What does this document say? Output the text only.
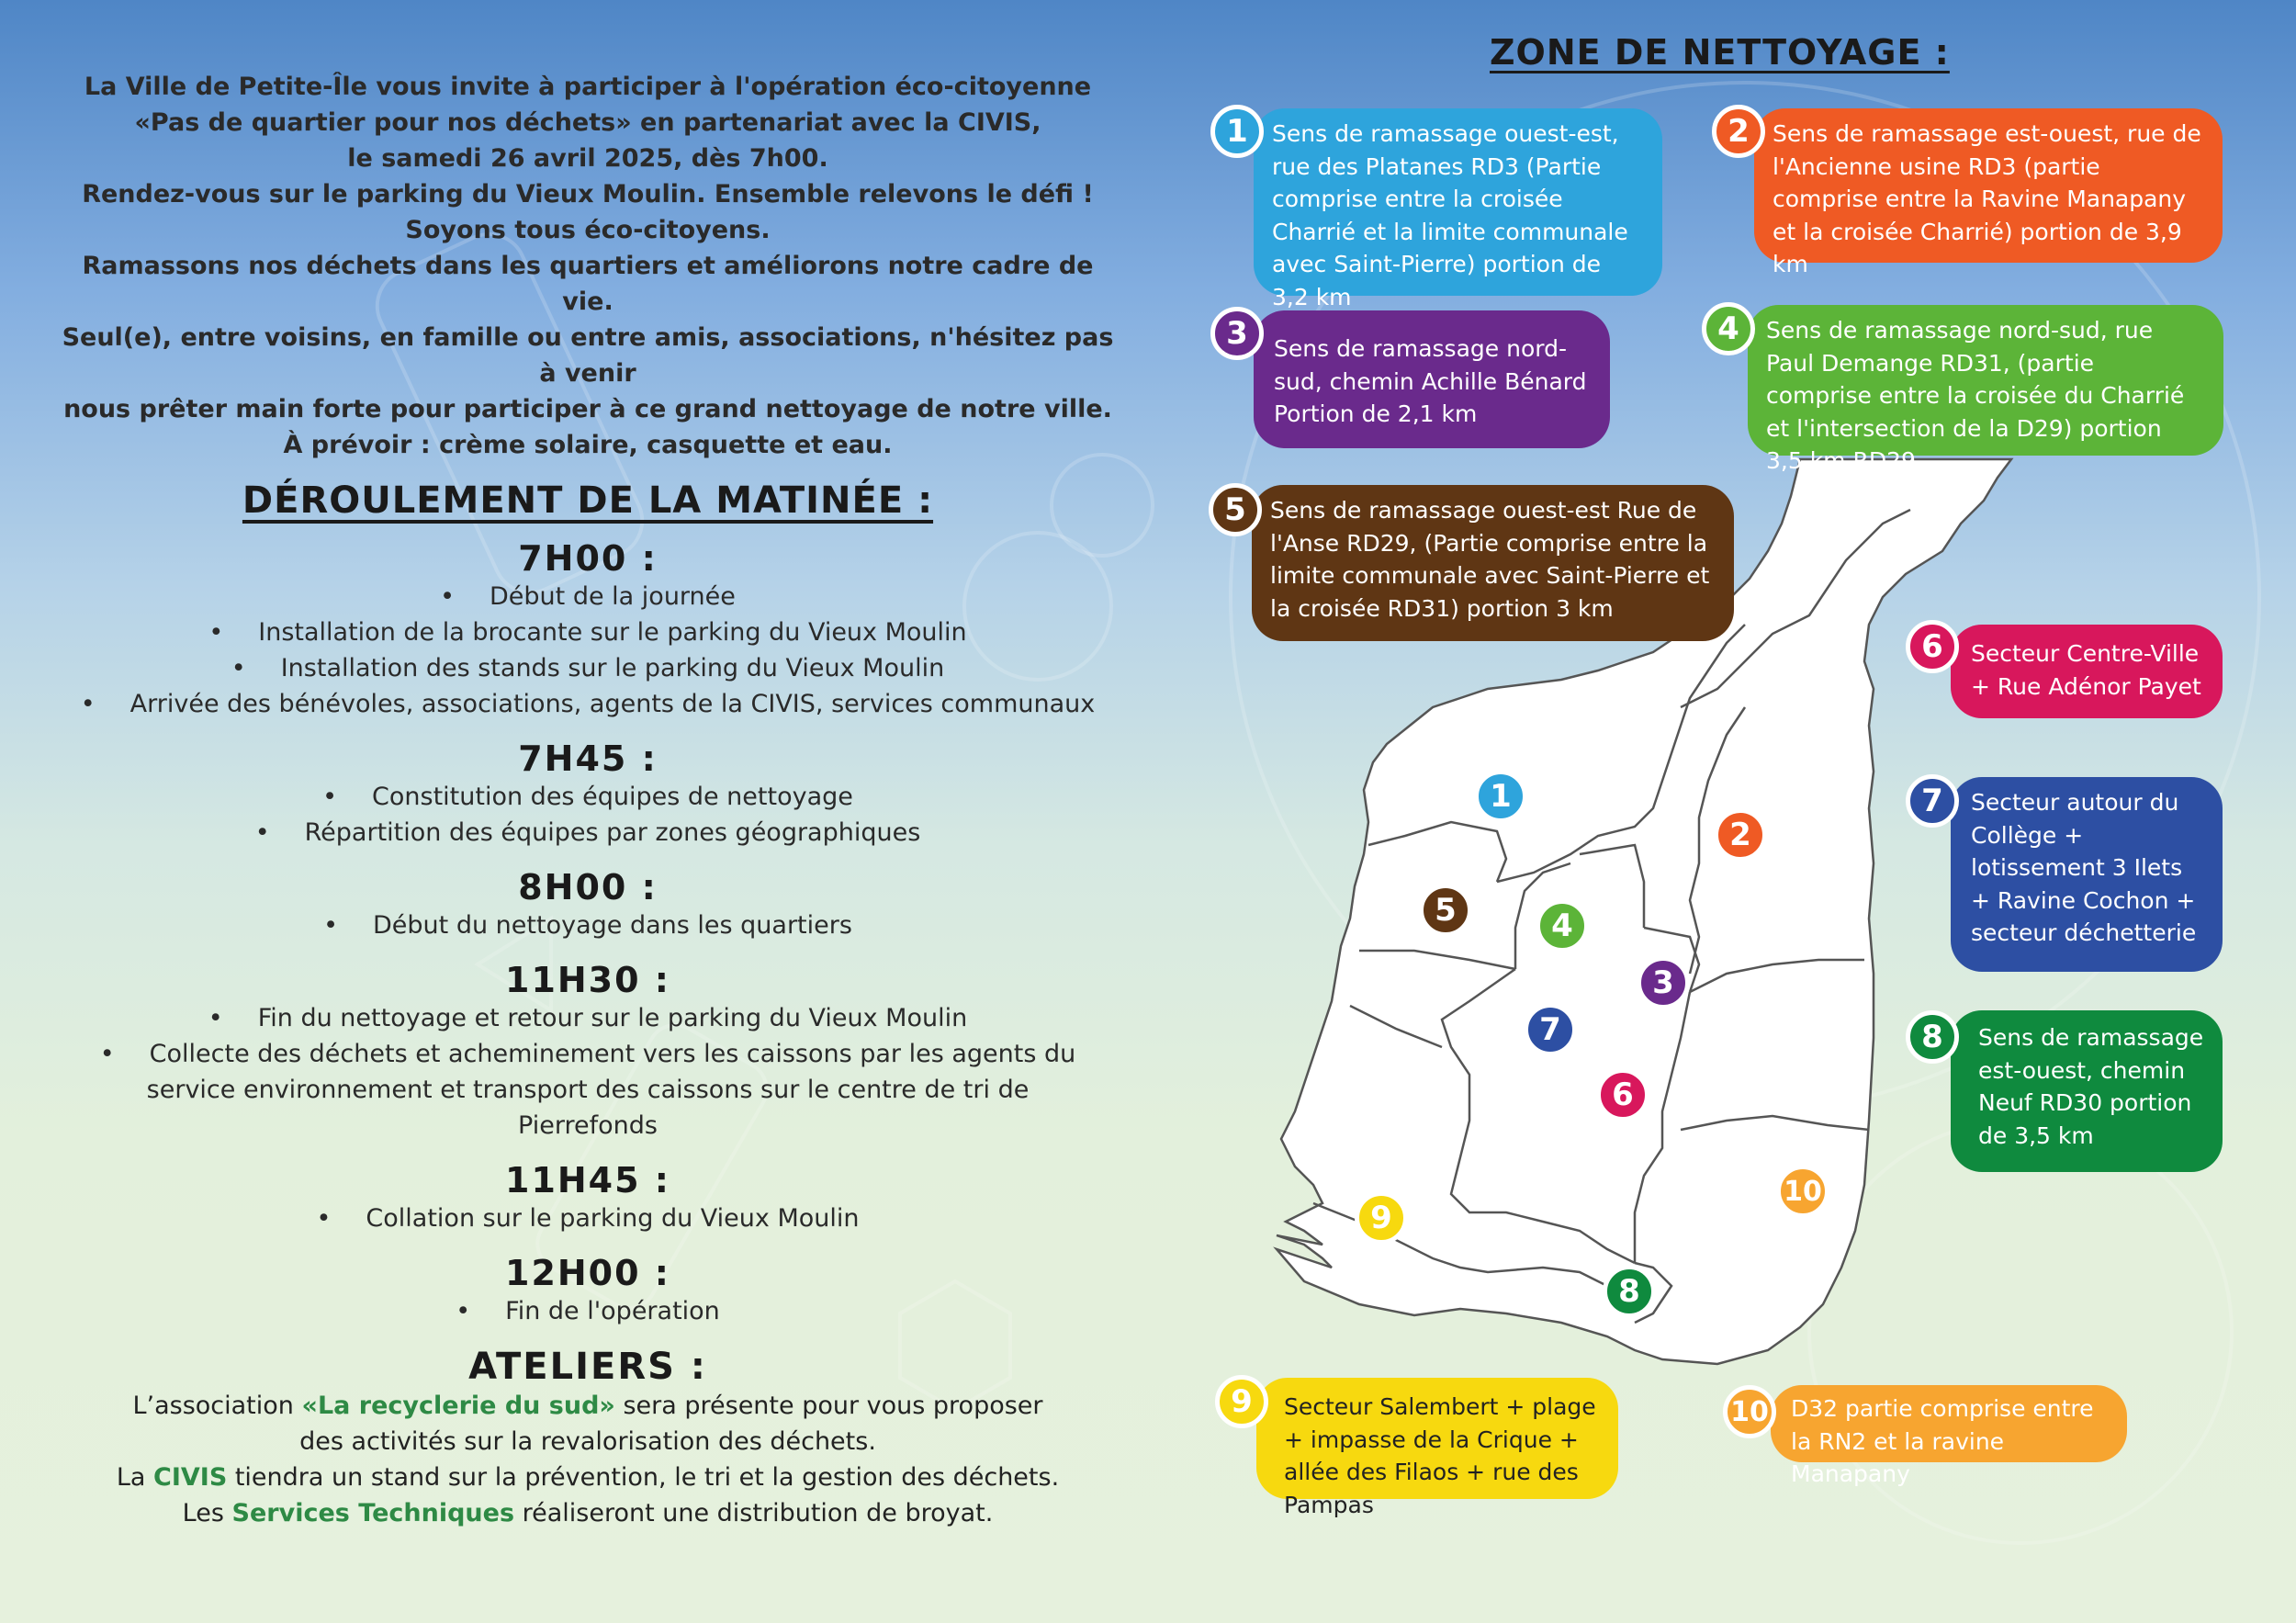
La Ville de Petite-Île vous invite à participer à l'opération éco-citoyenne

«Pas de quartier pour nos déchets» en partenariat avec la CIVIS,

le samedi 26 avril 2025, dès 7h00.

Rendez-vous sur le parking du Vieux Moulin. Ensemble relevons le défi !

Soyons tous éco-citoyens.

Ramassons nos déchets dans les quartiers et améliorons notre cadre de vie.

Seul(e), entre voisins, en famille ou entre amis, associations, n'hésitez pas à venir

nous prêter main forte pour participer à ce grand nettoyage de notre ville.

À prévoir : crème solaire, casquette et eau.

DÉROULEMENT DE LA MATINÉE :
7H00 :
• Début de la journée
• Installation de la brocante sur le parking du Vieux Moulin
• Installation des stands sur le parking du Vieux Moulin
• Arrivée des bénévoles, associations, agents de la CIVIS, services communaux
7H45 :
• Constitution des équipes de nettoyage
• Répartition des équipes par zones géographiques
8H00 :
• Début du nettoyage dans les quartiers
11H30 :
• Fin du nettoyage et retour sur le parking du Vieux Moulin
• Collecte des déchets et acheminement vers les caissons par les agents du service environnement et transport des caissons sur le centre de tri de Pierrefonds
11H45 :
• Collation sur le parking du Vieux Moulin
12H00 :
• Fin de l'opération
ATELIERS :

L’association «La recyclerie du sud» sera présente pour vous proposer

des activités sur la revalorisation des déchets.

La CIVIS tiendra un stand sur la prévention, le tri et la gestion des déchets.

Les Services Techniques réaliseront une distribution de broyat.

ZONE DE NETTOYAGE :
1
2
3
4
5
6
7
8
9
10
Sens de ramassage ouest-est, rue des Platanes RD3 (Partie comprise entre la croisée Charrié et la limite communale avec Saint-Pierre) portion de 3,2 km
1	Sens de ramassage est-ouest, rue de l'Ancienne usine RD3 (partie comprise entre la Ravine Manapany et la croisée Charrié) portion de 3,9 km
2
Sens de ramassage nord-sud, chemin Achille Bénard Portion de 2,1 km
3	Sens de ramassage nord-sud, rue Paul Demange RD31, (partie comprise entre la croisée du Charrié et l'intersection de la D29) portion 3,5 km RD29
4
Sens de ramassage ouest-est Rue de l'Anse RD29, (Partie comprise entre la limite communale avec Saint-Pierre et la croisée RD31) portion 3 km
5
Secteur Centre-Ville + Rue Adénor Payet
6
Secteur autour du Collège + lotissement 3 Ilets + Ravine Cochon + secteur déchetterie
7
Sens de ramassage est-ouest, chemin Neuf RD30 portion de 3,5 km
8
Secteur Salembert + plage + impasse de la Crique + allée des Filaos + rue des Pampas
9	D32 partie comprise entre la RN2 et la ravine Manapany
10
